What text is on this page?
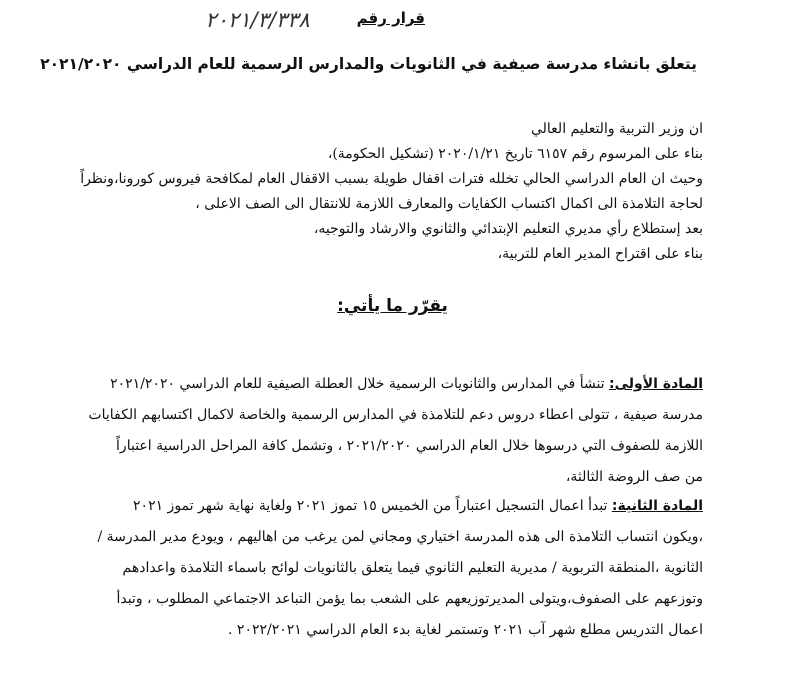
٢٠٢١/٣/٣٣٨	قرار رقم
يتعلق بانشاء مدرسة صيفية في الثانويات والمدارس الرسمية للعام الدراسي ٢٠٢١/٢٠٢٠
ان وزير التربية والتعليم العالي
بناء على المرسوم رقم ٦١٥٧ تاريخ ٢٠٢٠/١/٢١ (تشكيل الحكومة)،
وحيث ان العام الدراسي الحالي تخلله فترات اقفال طويلة بسبب الاقفال العام لمكافحة فيروس كورونا،ونظراً
لحاجة التلامذة الى اكمال اكتساب الكفايات والمعارف اللازمة للانتقال الى الصف الاعلى ،
بعد إستطلاع رأي مديري التعليم الإبتدائي والثانوي والارشاد والتوجيه،
بناء على اقتراح المدير العام للتربية،
يقرّر ما يأتي:
المادة الأولى: تنشأ في المدارس والثانويات الرسمية خلال العطلة الصيفية للعام الدراسي ٢٠٢١/٢٠٢٠
مدرسة صيفية ، تتولى اعطاء دروس دعم للتلامذة في المدارس الرسمية والخاصة لاكمال اكتسابهم الكفايات
اللازمة للصفوف التي درسوها خلال العام الدراسي ٢٠٢١/٢٠٢٠ ، وتشمل كافة المراحل الدراسية اعتباراً
من صف الروضة الثالثة،
المادة الثانية: تبدأ اعمال التسجيل اعتباراً من الخميس ١٥ تموز ٢٠٢١ ولغاية نهاية شهر تموز ٢٠٢١
،ويكون انتساب التلامذة الى هذه المدرسة اختياري ومجاني لمن يرغب من اهاليهم ، ويودع مدير المدرسة /
الثانوية ،المنطقة التربوية / مديرية التعليم الثانوي فيما يتعلق بالثانويات لوائح باسماء التلامذة واعدادهم
وتوزعهم على الصفوف،ويتولى المديرتوزيعهم على الشعب بما يؤمن التباعد الاجتماعي المطلوب ، وتبدأ
اعمال التدريس مطلع شهر آب ٢٠٢١ وتستمر لغاية بدء العام الدراسي ٢٠٢٢/٢٠٢١ .
